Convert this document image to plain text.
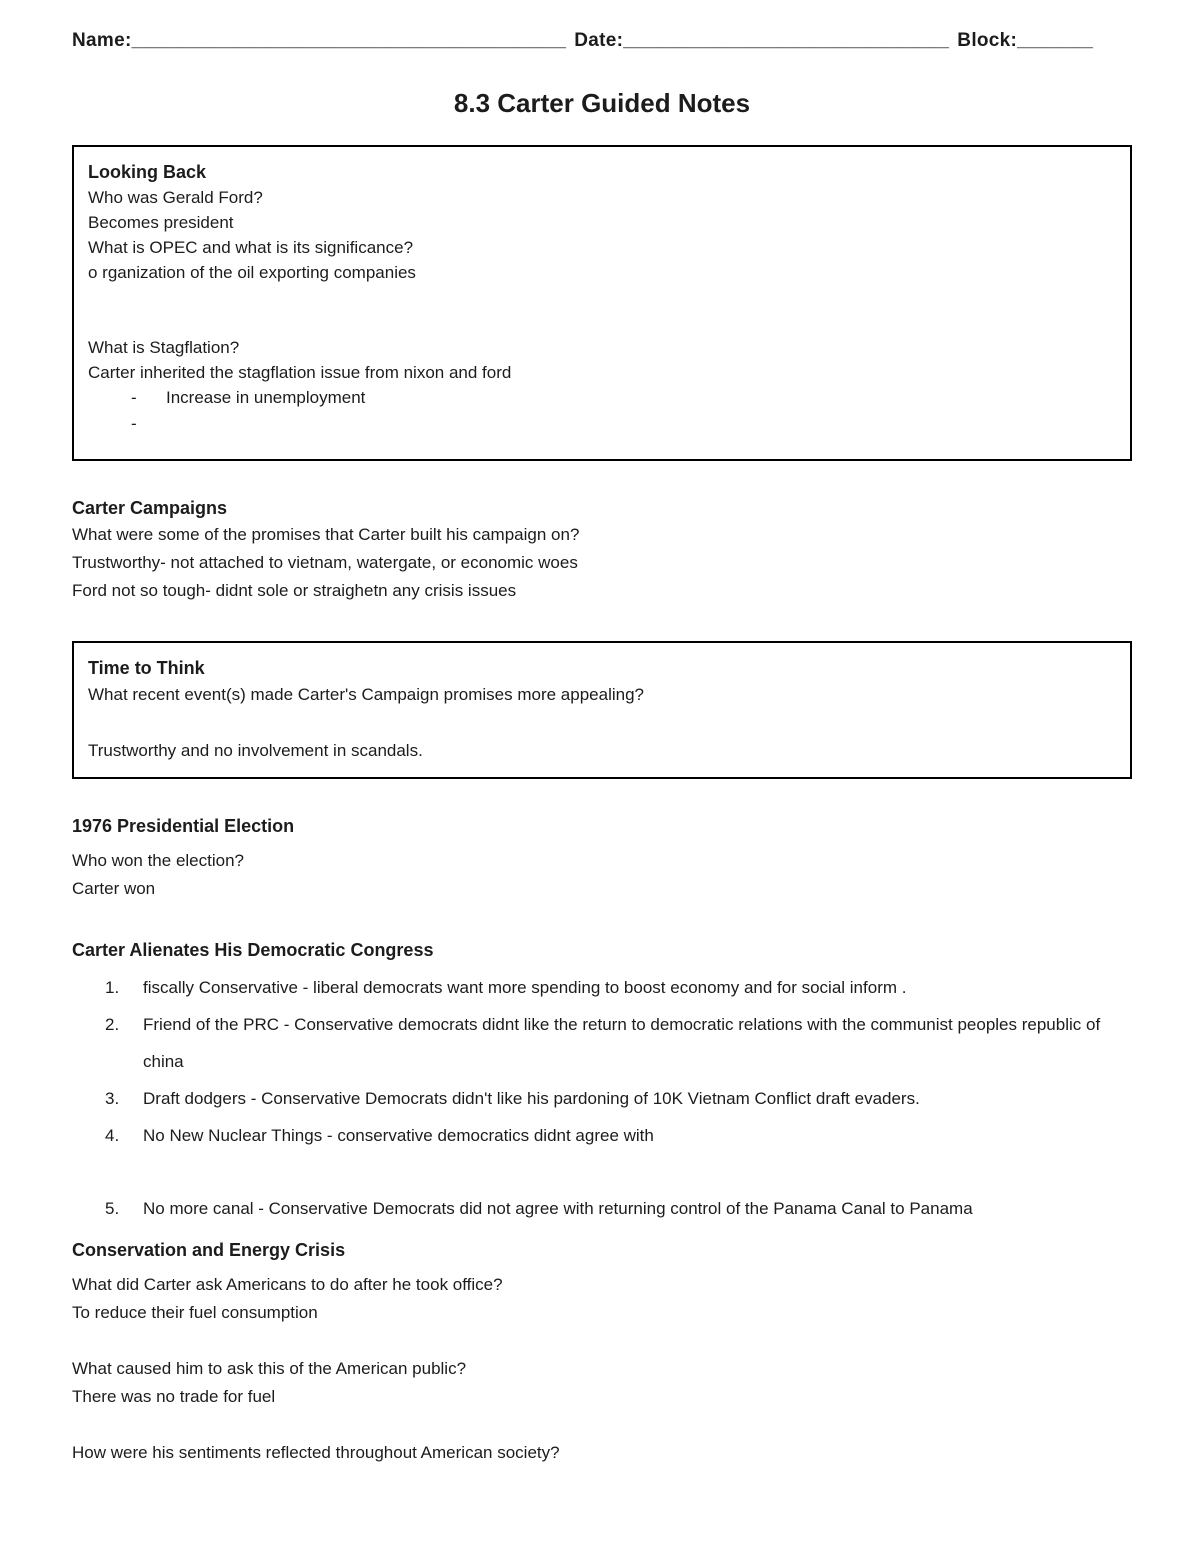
Name:________________________________________ Date:______________________________ Block:_______
8.3 Carter Guided Notes
Looking Back
Who was Gerald Ford?
Becomes president
What is OPEC and what is its significance?
o rganization of the oil exporting companies
What is Stagflation?
Carter inherited the stagflation issue from nixon and ford
-	Increase in unemployment
-
Carter Campaigns
What were some of the promises that Carter built his campaign on?
Trustworthy- not attached to vietnam, watergate, or economic woes
Ford not so tough- didnt sole or straighetn any crisis issues
Time to Think
What recent event(s) made Carter's Campaign promises more appealing?
Trustworthy and no involvement in scandals.
1976 Presidential Election
Who won the election?
Carter won
Carter Alienates His Democratic Congress
1.	fiscally Conservative - liberal democrats want more spending to boost economy and for social inform .
2.	Friend of the PRC - Conservative democrats didnt like the return to democratic relations with the communist peoples republic of china
3.	Draft dodgers - Conservative Democrats didn't like his pardoning of 10K Vietnam Conflict draft evaders.
4.	No New Nuclear Things - conservative democratics didnt agree with
5.	No more canal - Conservative Democrats did not agree with returning control of the Panama Canal to Panama
Conservation and Energy Crisis
What did Carter ask Americans to do after he took office?
To reduce their fuel consumption
What caused him to ask this of the American public?
There was no trade for fuel
How were his sentiments reflected throughout American society?
